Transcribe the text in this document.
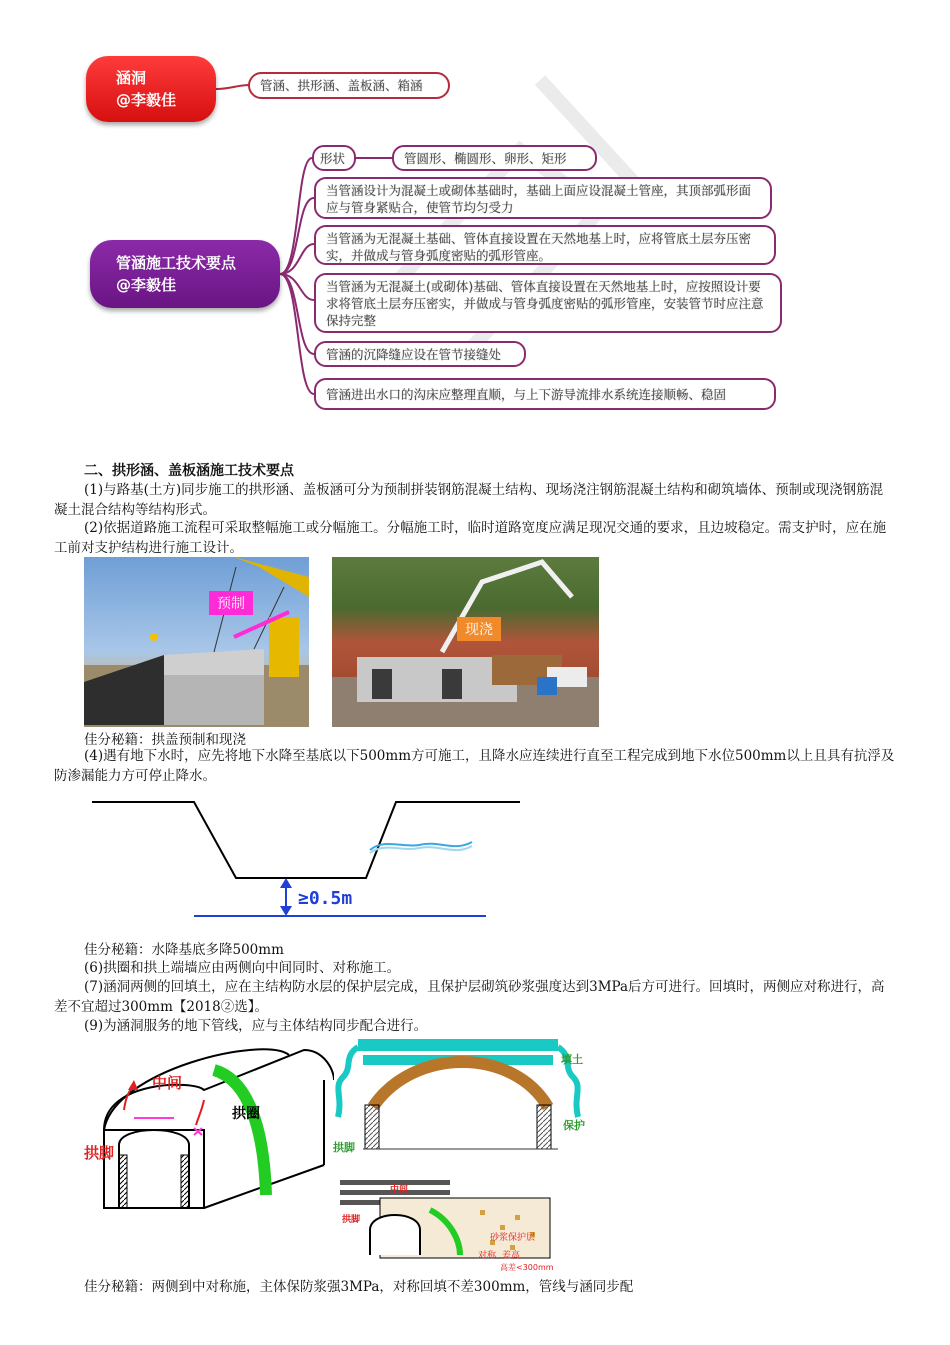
涵洞
@李毅佳
管涵、拱形涵、盖板涵、箱涵
管涵施工技术要点
@李毅佳
形状	管圆形、椭圆形、卵形、矩形
当管涵设计为混凝土或砌体基础时，基础上面应设混凝土管座，其顶部弧形面应与管身紧贴合，使管节均匀受力
当管涵为无混凝土基础、管体直接设置在天然地基上时，应将管底土层夯压密实，并做成与管身弧度密贴的弧形管座。
当管涵为无混凝土(或砌体)基础、管体直接设置在天然地基上时，应按照设计要求将管底土层夯压密实，并做成与管身弧度密贴的弧形管座，安装管节时应注意保持完整
管涵的沉降缝应设在管节接缝处
管涵进出水口的沟床应整理直顺，与上下游导流排水系统连接顺畅、稳固
二、拱形涵、盖板涵施工技术要点
(1)与路基(土方)同步施工的拱形涵、盖板涵可分为预制拼装钢筋混凝土结构、现场浇注钢筋混凝土结构和砌筑墙体、预制或现浇钢筋混凝土混合结构等结构形式。
(2)依据道路施工流程可采取整幅施工或分幅施工。分幅施工时，临时道路宽度应满足现况交通的要求，且边坡稳定。需支护时，应在施工前对支护结构进行施工设计。
预制
现浇
佳分秘籍：拱盖预制和现浇
(4)遇有地下水时，应先将地下水降至基底以下500mm方可施工，且降水应连续进行直至工程完成到地下水位500mm以上且具有抗浮及防渗漏能力方可停止降水。
≥0.5m
佳分秘籍：水降基底多降500mm
(6)拱圈和拱上端墙应由两侧向中间同时、对称施工。
(7)涵洞两侧的回填土，应在主结构防水层的保护层完成，且保护层砌筑砂浆强度达到3MPa后方可进行。回填时，两侧应对称进行，高差不宜超过300mm【2018②选】。
(9)为涵洞服务的地下管线，应与主体结构同步配合进行。
中间
拱圈
拱脚
填土
保护
拱脚
中间
拱脚
砂浆保护层
对称 差高
高差<300mm
佳分秘籍：两侧到中对称施，主体保防浆强3MPa，对称回填不差300mm，管线与涵同步配
